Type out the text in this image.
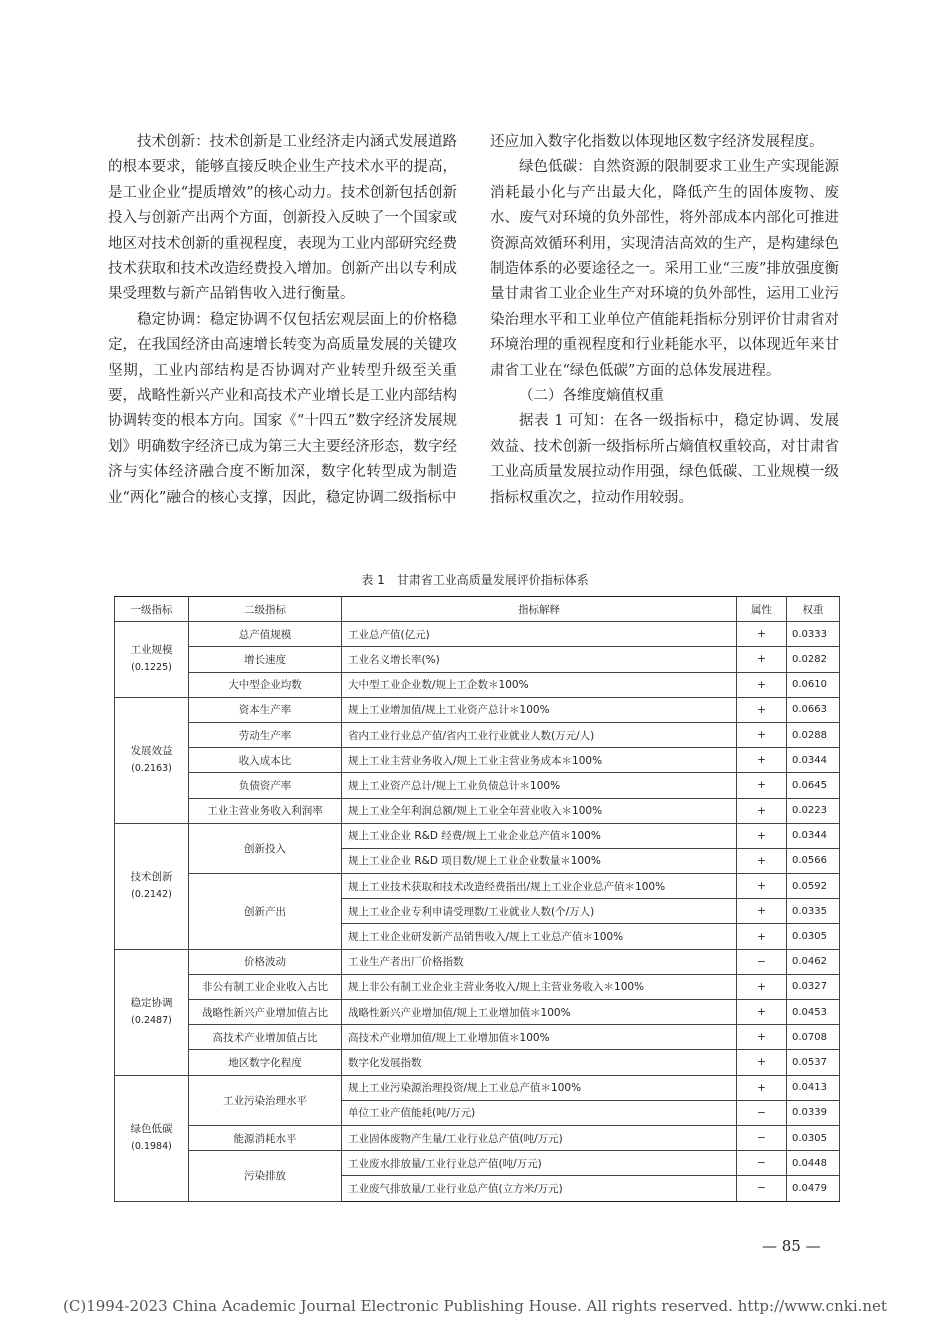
技术创新：技术创新是工业经济走内涵式发展道路的根本要求，能够直接反映企业生产技术水平的提高，是工业企业“提质增效”的核心动力。技术创新包括创新投入与创新产出两个方面，创新投入反映了一个国家或地区对技术创新的重视程度，表现为工业内部研究经费技术获取和技术改造经费投入增加。创新产出以专利成果受理数与新产品销售收入进行衡量。

稳定协调：稳定协调不仅包括宏观层面上的价格稳定，在我国经济由高速增长转变为高质量发展的关键攻坚期，工业内部结构是否协调对产业转型升级至关重要，战略性新兴产业和高技术产业增长是工业内部结构协调转变的根本方向。国家《“十四五”数字经济发展规划》明确数字经济已成为第三大主要经济形态，数字经济与实体经济融合度不断加深，数字化转型成为制造业“两化”融合的核心支撑，因此，稳定协调二级指标中

还应加入数字化指数以体现地区数字经济发展程度。

绿色低碳：自然资源的限制要求工业生产实现能源消耗最小化与产出最大化，降低产生的固体废物、废水、废气对环境的负外部性，将外部成本内部化可推进资源高效循环利用，实现清洁高效的生产，是构建绿色制造体系的必要途径之一。采用工业“三废”排放强度衡量甘肃省工业企业生产对环境的负外部性，运用工业污染治理水平和工业单位产值能耗指标分别评价甘肃省对环境治理的重视程度和行业耗能水平，以体现近年来甘肃省工业在“绿色低碳”方面的总体发展进程。

（二）各维度熵值权重

据表 1 可知：在各一级指标中，稳定协调、发展效益、技术创新一级指标所占熵值权重较高，对甘肃省工业高质量发展拉动作用强，绿色低碳、工业规模一级指标权重次之，拉动作用较弱。

表 1　甘肃省工业高质量发展评价指标体系
一级指标	二级指标	指标解释	属性	权重

工业规模
(0.1225)	总产值规模	工业总产值(亿元)	+	0.0333
	增长速度	工业名义增长率(%)	+	0.0282
	大中型企业均数	大中型工业企业数/规上工企数＊100%	+	0.0610

发展效益
(0.2163)	资本生产率	规上工业增加值/规上工业资产总计＊100%	+	0.0663
	劳动生产率	省内工业行业总产值/省内工业行业就业人数(万元/人)	+	0.0288
	收入成本比	规上工业主营业务收入/规上工业主营业务成本＊100%	+	0.0344
	负债资产率	规上工业资产总计/规上工业负债总计＊100%	+	0.0645
	工业主营业务收入利润率	规上工业全年利润总额/规上工业全年营业收入＊100%	+	0.0223

技术创新
(0.2142)	创新投入	规上工业企业 R&D 经费/规上工业企业总产值＊100%	+	0.0344
		规上工业企业 R&D 项目数/规上工业企业数量＊100%	+	0.0566
	创新产出	规上工业技术获取和技术改造经费指出/规上工业企业总产值＊100%	+	0.0592
		规上工业企业专利申请受理数/工业就业人数(个/万人)	+	0.0335
		规上工业企业研发新产品销售收入/规上工业总产值＊100%	+	0.0305

稳定协调
(0.2487)	价格波动	工业生产者出厂价格指数	−	0.0462
	非公有制工业企业收入占比	规上非公有制工业企业主营业务收入/规上主营业务收入＊100%	+	0.0327
	战略性新兴产业增加值占比	战略性新兴产业增加值/规上工业增加值＊100%	+	0.0453
	高技术产业增加值占比	高技术产业增加值/规上工业增加值＊100%	+	0.0708
	地区数字化程度	数字化发展指数	+	0.0537

绿色低碳
(0.1984)	工业污染治理水平	规上工业污染源治理投资/规上工业总产值＊100%	+	0.0413
		单位工业产值能耗(吨/万元)	−	0.0339
	能源消耗水平	工业固体废物产生量/工业行业总产值(吨/万元)	−	0.0305
	污染排放	工业废水排放量/工业行业总产值(吨/万元)	−	0.0448
		工业废气排放量/工业行业总产值(立方米/万元)	−	0.0479
— 85 —
(C)1994-2023 China Academic Journal Electronic Publishing House. All rights reserved. http://www.cnki.net
